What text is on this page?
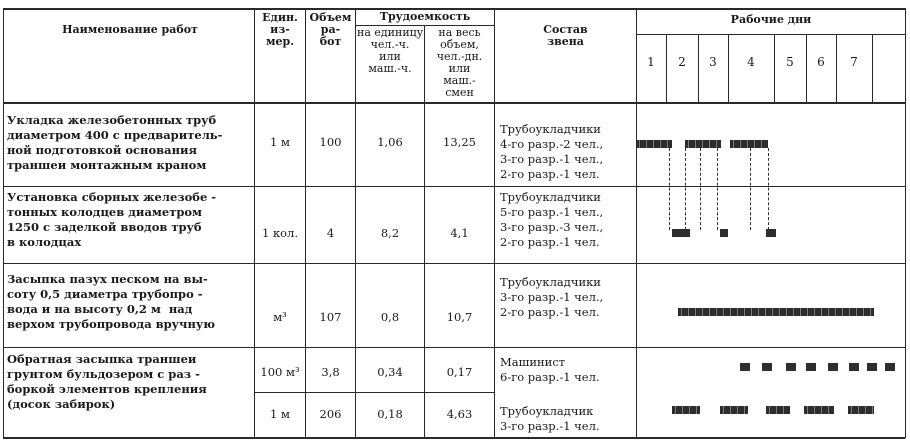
Наименование работ
Един.
из-
мер.
Объем
ра-
бот
Трудоемкость
на единицу
чел.-ч.
или
маш.-ч.
на весь
объем,
чел.-дн.
или
маш.-
смен
Состав
звена
Рабочие дни
1	2	3	4	5	6	7
Укладка железобетонных труб
диаметром 400 с предваритель-
ной подготовкой основания
траншеи монтажным краном
1 м	100	1,06	13,25
Трубоукладчики
4-го разр.-2 чел.,
3-го разр.-1 чел.,
2-го разр.-1 чел.
Установка сборных железобе -
тонных колодцев диаметром
1250 с заделкой вводов труб
в колодцах
1 кол.	4	8,2	4,1
Трубоукладчики
5-го разр.-1 чел.,
3-го разр.-3 чел.,
2-го разр.-1 чел.
Засыпка пазух песком на вы-
соту 0,5 диаметра трубопро -
вода и на высоту 0,2 м  над
верхом трубопровода вручную	м³	107	0,8	10,7
Трубоукладчики
3-го разр.-1 чел.,
2-го разр.-1 чел.
Обратная засыпка траншеи
грунтом бульдозером с раз -
боркой элементов крепления
(досок забирок)
100 м³	3,8	0,34	0,17
Машинист
6-го разр.-1 чел.
1 м	206	0,18	4,63	Трубоукладчик
3-го разр.-1 чел.
